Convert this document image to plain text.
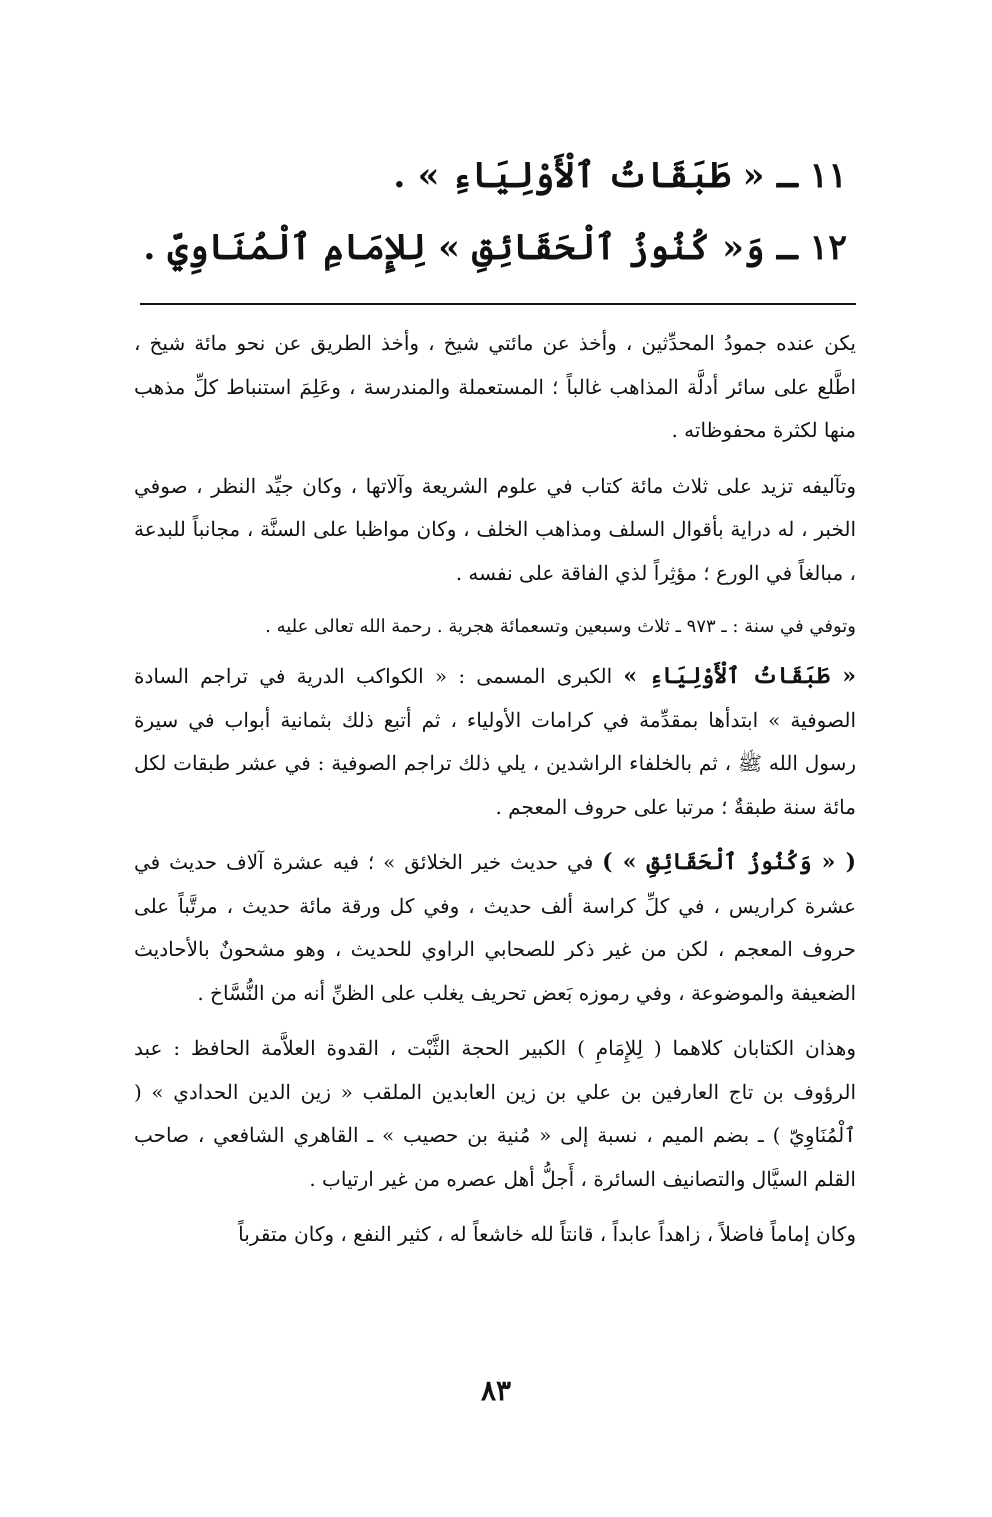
١١ ـ « طَبَقَاتُ ٱلْأَوْلِيَاءِ » .
١٢ ـ وَ« كُنُوزُ ٱلْحَقَائِقِ » لِلإِمَامِ ٱلْمُنَاوِيِّ .

يكن عنده جمودُ المحدِّثين ، وأخذ عن مائتي شيخ ، وأخذ الطريق عن نحو مائة شيخ ، اطَّلع على سائر أدلَّة المذاهب غالباً ؛ المستعملة والمندرسة ، وعَلِمَ استنباط كلِّ مذهب منها لكثرة محفوظاته .

وتآليفه تزيد على ثلاث مائة كتاب في علوم الشريعة وآلاتها ، وكان جيِّد النظر ، صوفي الخبر ، له دراية بأقوال السلف ومذاهب الخلف ، وكان مواظبا على السنَّة ، مجانباً للبدعة ، مبالغاً في الورع ؛ مؤثِراً لذي الفاقة على نفسه .

وتوفي في سنة : ـ ٩٧٣ ـ ثلاث وسبعين وتسعمائة هجرية . رحمة الله تعالى عليه .

« طَبَقَاتُ ٱلْأَوْلِيَاءِ » الكبرى المسمى : « الكواكب الدرية في تراجم السادة الصوفية » ابتدأها بمقدِّمة في كرامات الأولياء ، ثم أتبع ذلك بثمانية أبواب في سيرة رسول الله ﷺ ، ثم بالخلفاء الراشدين ، يلي ذلك تراجم الصوفية : في عشر طبقات لكل مائة سنة طبقةٌ ؛ مرتبا على حروف المعجم .

( « وَكُنُوزُ ٱلْحَقَائِقِ » ) في حديث خير الخلائق » ؛ فيه عشرة آلاف حديث في عشرة كراريس ، في كلِّ كراسة ألف حديث ، وفي كل ورقة مائة حديث ، مرتَّباً على حروف المعجم ، لكن من غير ذكر للصحابي الراوي للحديث ، وهو مشحونٌ بالأحاديث الضعيفة والموضوعة ، وفي رموزه بَعض تحريف يغلب على الظنِّ أنه من النُّسَّاخ .

وهذان الكتابان كلاهما ( لِلإِمَامِ ) الكبير الحجة الثَّبْت ، القدوة العلاَّمة الحافظ : عبد الرؤوف بن تاج العارفين بن علي بن زين العابدين الملقب « زين الدين الحدادي » ( ٱلْمُنَاوِيّ ) ـ بضم الميم ، نسبة إلى « مُنية بن حصيب » ـ القاهري الشافعي ، صاحب القلم السيَّال والتصانيف السائرة ، أَجلُّ أهل عصره من غير ارتياب .

وكان إماماً فاضلاً ، زاهداً عابداً ، قانتاً لله خاشعاً له ، كثير النفع ، وكان متقرباً

٨٣
